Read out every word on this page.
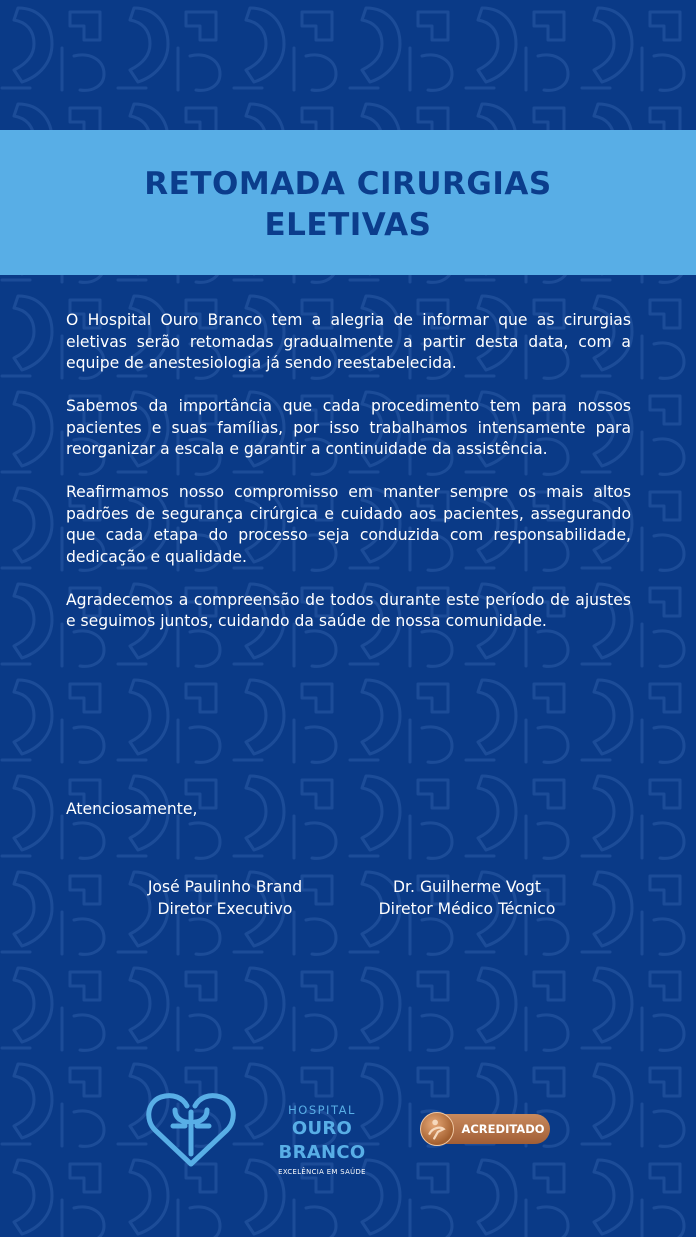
RETOMADA CIRURGIAS
ELETIVAS

O Hospital Ouro Branco tem a alegria de informar que as cirurgias eletivas serão retomadas gradualmente a partir desta data, com a equipe de anestesiologia já sendo reestabelecida.

Sabemos da importância que cada procedimento tem para nossos pacientes e suas famílias, por isso trabalhamos intensamente para reorganizar a escala e garantir a continuidade da assistência.

Reafirmamos nosso compromisso em manter sempre os mais altos padrões de segurança cirúrgica e cuidado aos pacientes, assegurando que cada etapa do processo seja conduzida com responsabilidade, dedicação e qualidade.

Agradecemos a compreensão de todos durante este período de ajustes e seguimos juntos, cuidando da saúde de nossa comunidade.

Atenciosamente,
José Paulinho Brand
Diretor Executivo
Dr. Guilherme Vogt
Diretor Médico Técnico
HOSPITAL
OURO BRANCO
EXCELÊNCIA EM SAÚDE
ACREDITADO
